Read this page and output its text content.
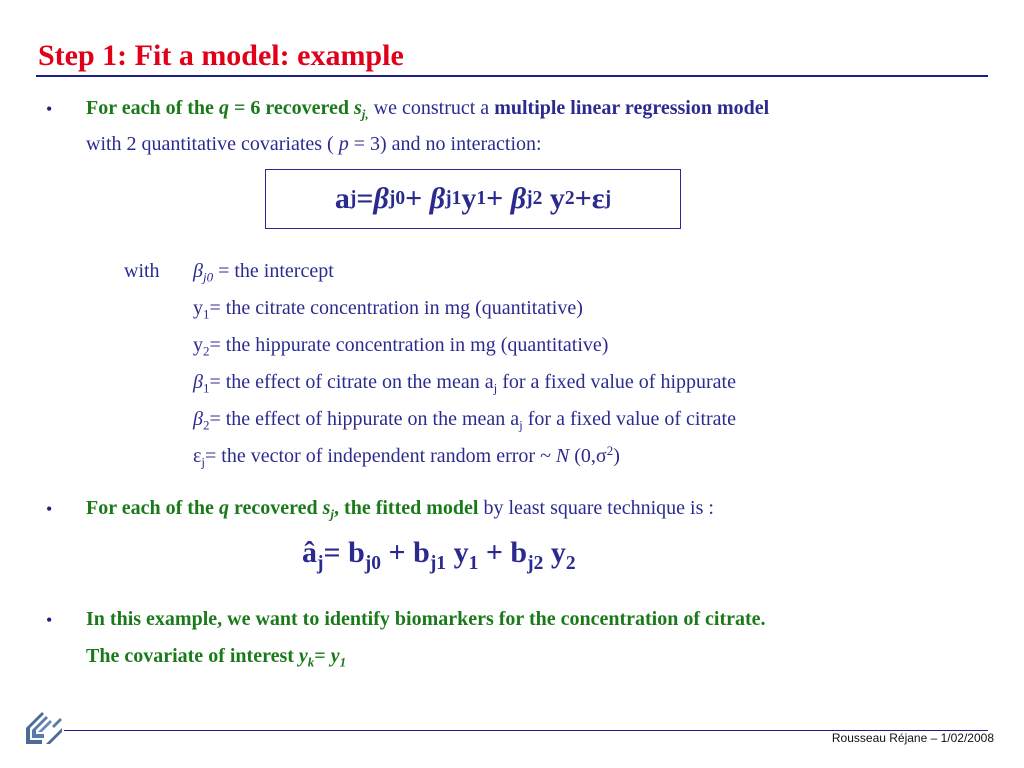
Step 1: Fit a model: example
• For each of the q = 6 recovered $s_{j,}$ we construct a multiple linear regression model
with 2 quantitative covariates ( p = 3) and no interaction:
a j = β j0 +
β j1 y 1 +
β j2
y 2 + ε j
with $\beta_{j0}$ = the intercept
$y_1=$ the citrate concentration in mg (quantitative)
$y_2=$ the hippurate concentration in mg (quantitative)
$\beta_1=$ the effect of citrate on the mean $a_j$ for a fixed value of hippurate
$\beta_2=$ the effect of hippurate on the mean $a_j$ for a fixed value of citrate
$\varepsilon_j=$ the vector of independent random error ~ N $(0,\sigma^2)$
• For each of the q recovered $s_j$, the fitted model by least square technique is :
$â_j= b_{j0} + b_{j1}$ $y_1 + b_{j2}$ $y_2$
• In this example, we want to identify biomarkers for the concentration of citrate.
The covariate of interest $y_k= y_1$
Rousseau Réjane – 1/02/2008
